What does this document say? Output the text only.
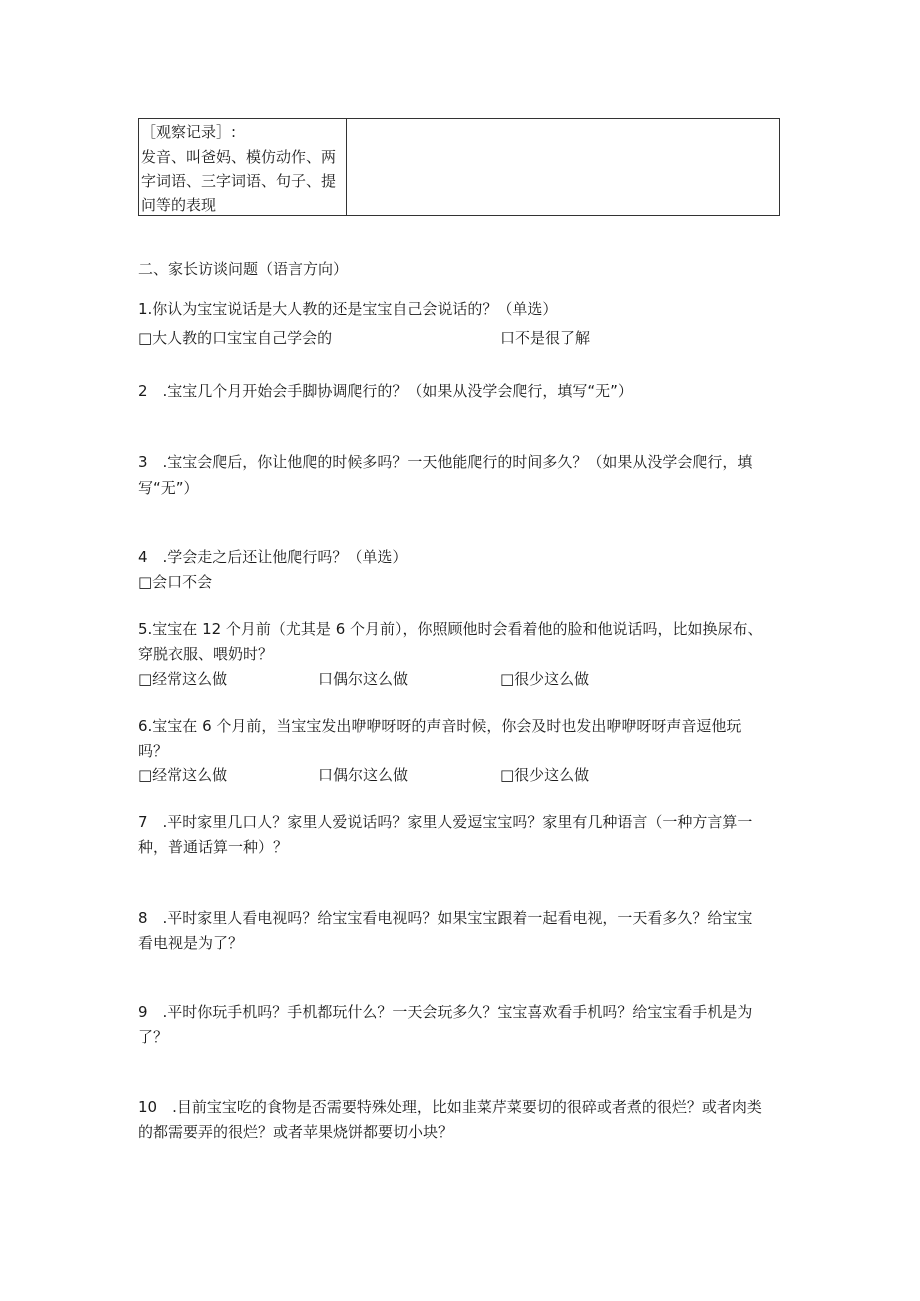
［观察记录］:
发音、叫爸妈、模仿动作、两
字词语、三字词语、句子、提
问等的表现
二、家长访谈问题（语言方向）
1.你认为宝宝说话是大人教的还是宝宝自己会说话的？（单选）
□大人教的口宝宝自己学会的	口不是很了解
2　.宝宝几个月开始会手脚协调爬行的？（如果从没学会爬行，填写“无”）
3　.宝宝会爬后，你让他爬的时候多吗？一天他能爬行的时间多久？（如果从没学会爬行，填
写“无”）
4　.学会走之后还让他爬行吗？（单选）
□会口不会
5.宝宝在 12 个月前（尤其是 6 个月前），你照顾他时会看着他的脸和他说话吗，比如换尿布、
穿脱衣服、喂奶时？
□经常这么做	口偶尔这么做	□很少这么做
6.宝宝在 6 个月前，当宝宝发出咿咿呀呀的声音时候，你会及时也发出咿咿呀呀声音逗他玩
吗？
□经常这么做	口偶尔这么做	□很少这么做
7　.平时家里几口人？家里人爱说话吗？家里人爱逗宝宝吗？家里有几种语言（一种方言算一
种，普通话算一种）？
8　.平时家里人看电视吗？给宝宝看电视吗？如果宝宝跟着一起看电视，一天看多久？给宝宝
看电视是为了？
9　.平时你玩手机吗？手机都玩什么？一天会玩多久？宝宝喜欢看手机吗？给宝宝看手机是为
了？
10　.目前宝宝吃的食物是否需要特殊处理，比如韭菜芹菜要切的很碎或者煮的很烂？或者肉类
的都需要弄的很烂？或者苹果烧饼都要切小块？
